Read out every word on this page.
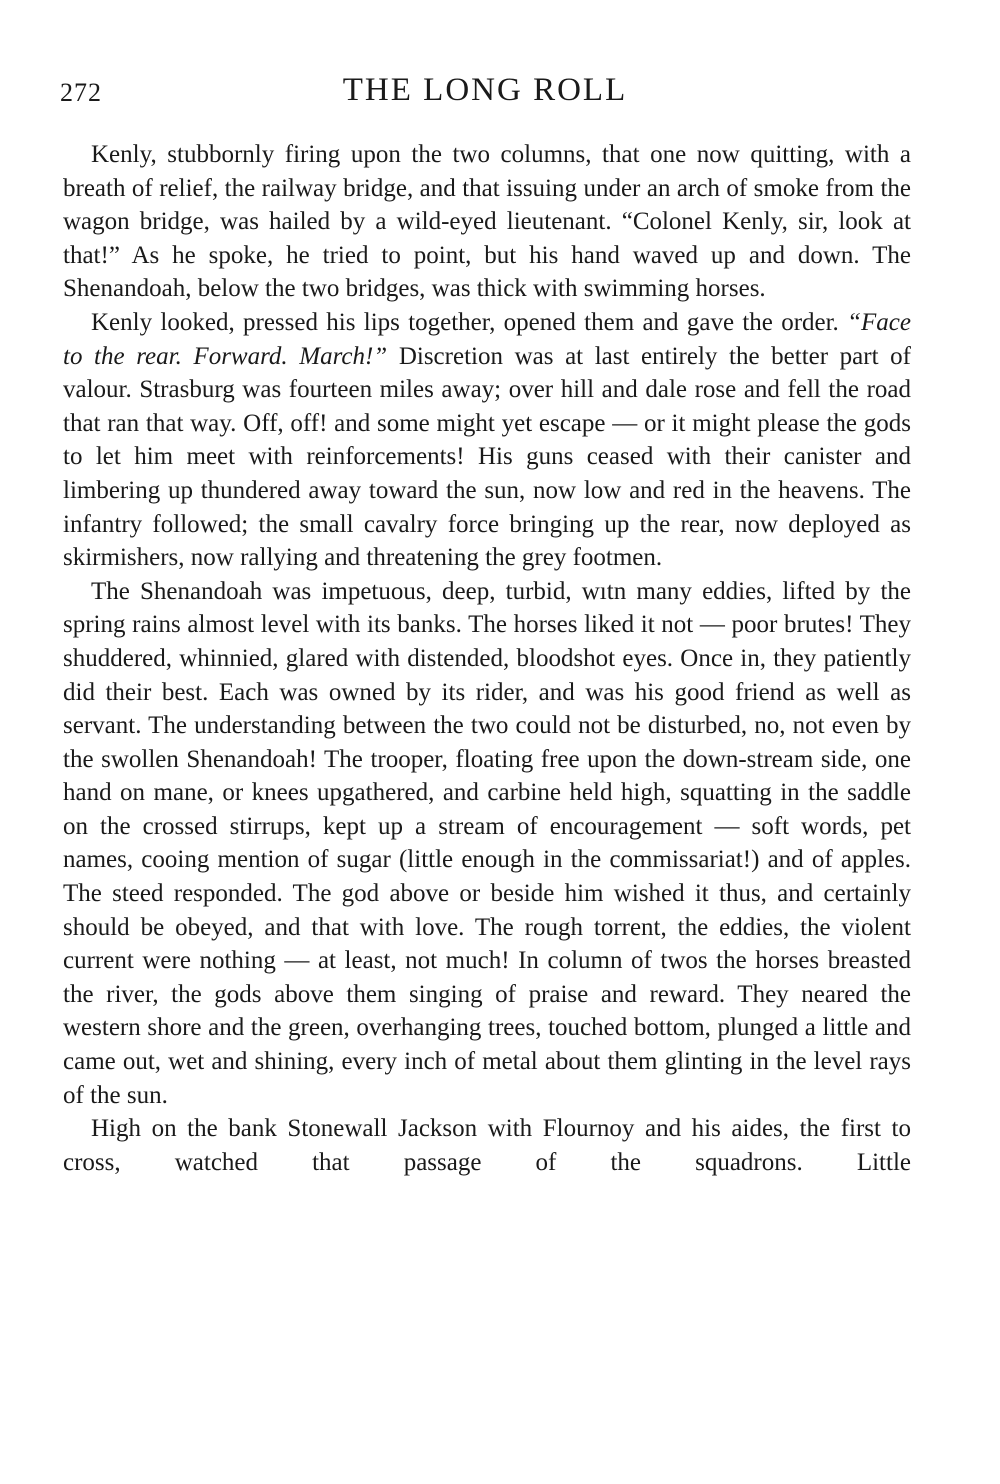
272	THE LONG ROLL

Kenly, stubbornly firing upon the two columns, that one now quitting, with a breath of relief, the railway bridge, and that issuing under an arch of smoke from the wagon bridge, was hailed by a wild-eyed lieutenant. “Colonel Kenly, sir, look at that!” As he spoke, he tried to point, but his hand waved up and down. The Shenandoah, below the two bridges, was thick with swimming horses.

Kenly looked, pressed his lips together, opened them and gave the order. “Face to the rear. Forward. March!” Discretion was at last entirely the better part of valour. Strasburg was fourteen miles away; over hill and dale rose and fell the road that ran that way. Off, off! and some might yet escape — or it might please the gods to let him meet with reinforcements! His guns ceased with their canister and limbering up thundered away toward the sun, now low and red in the heavens. The infantry followed; the small cavalry force bringing up the rear, now deployed as skirmishers, now rallying and threatening the grey footmen.

The Shenandoah was impetuous, deep, turbid, wıtn many eddies, lifted by the spring rains almost level with its banks. The horses liked it not — poor brutes! They shuddered, whinnied, glared with distended, bloodshot eyes. Once in, they patiently did their best. Each was owned by its rider, and was his good friend as well as servant. The understanding between the two could not be disturbed, no, not even by the swollen Shenandoah! The trooper, floating free upon the down-stream side, one hand on mane, or knees upgathered, and carbine held high, squatting in the saddle on the crossed stirrups, kept up a stream of encouragement — soft words, pet names, cooing mention of sugar (little enough in the commissariat!) and of apples. The steed responded. The god above or beside him wished it thus, and certainly should be obeyed, and that with love. The rough torrent, the eddies, the violent current were nothing — at least, not much! In column of twos the horses breasted the river, the gods above them singing of praise and reward. They neared the western shore and the green, overhanging trees, touched bottom, plunged a little and came out, wet and shining, every inch of metal about them glinting in the level rays of the sun.

High on the bank Stonewall Jackson with Flournoy and his aides, the first to cross, watched that passage of the squadrons. Little
